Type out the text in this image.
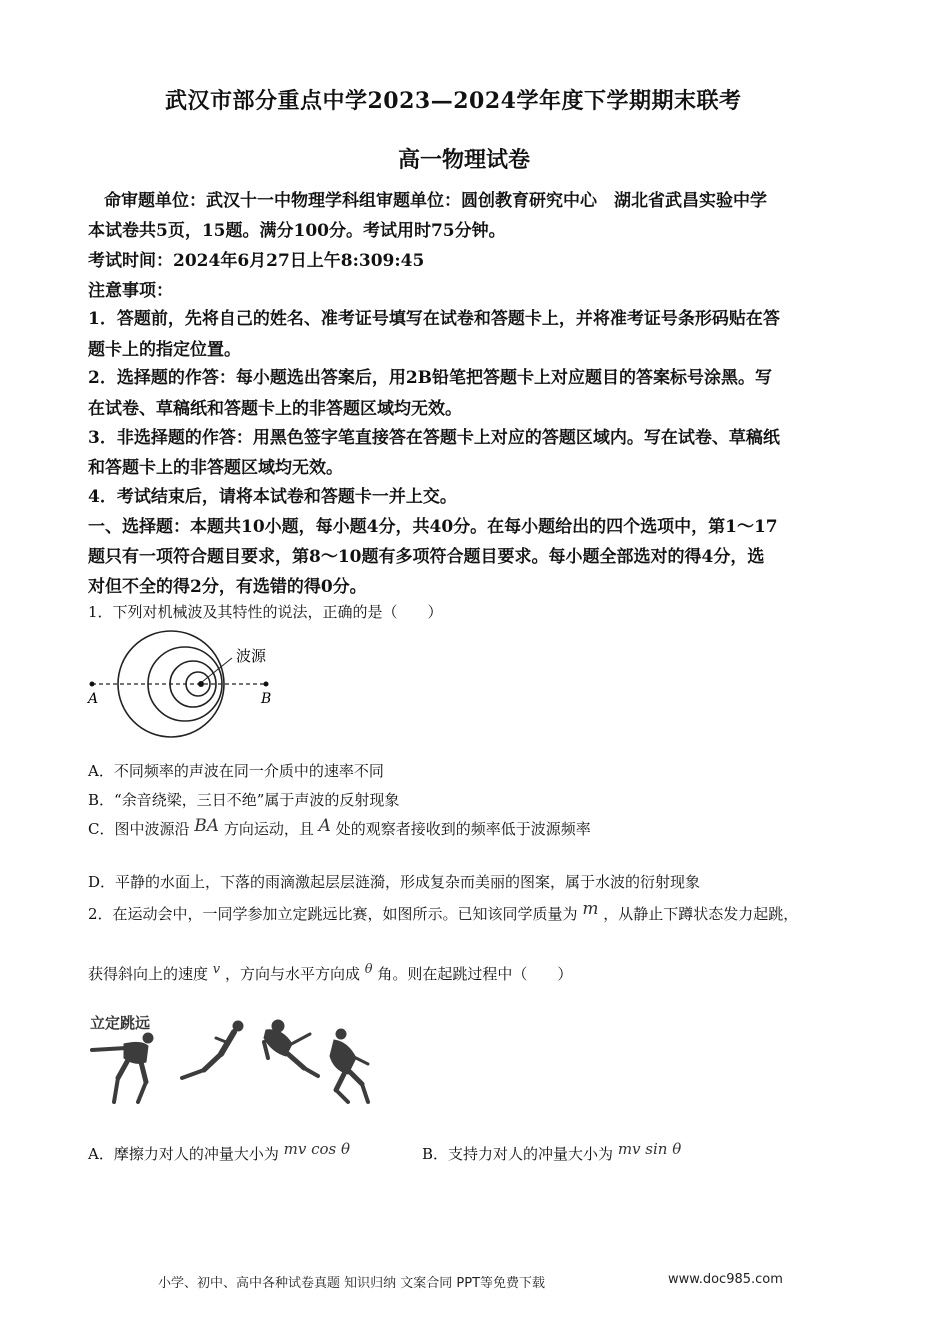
武汉市部分重点中学2023—2024学年度下学期期末联考
高一物理试卷
命审题单位：武汉十一中物理学科组审题单位：圆创教育研究中心　湖北省武昌实验中学
本试卷共5页，15题。满分100分。考试用时75分钟。
考试时间：2024年6月27日上午8:309:45
注意事项：
1．答题前，先将自己的姓名、准考证号填写在试卷和答题卡上，并将准考证号条形码贴在答
题卡上的指定位置。
2．选择题的作答：每小题选出答案后，用2B铅笔把答题卡上对应题目的答案标号涂黑。写
在试卷、草稿纸和答题卡上的非答题区域均无效。
3．非选择题的作答：用黑色签字笔直接答在答题卡上对应的答题区域内。写在试卷、草稿纸
和答题卡上的非答题区域均无效。
4．考试结束后，请将本试卷和答题卡一并上交。
一、选择题：本题共10小题，每小题4分，共40分。在每小题给出的四个选项中，第1～17
题只有一项符合题目要求，第8～10题有多项符合题目要求。每小题全部选对的得4分，选
对但不全的得2分，有选错的得0分。
1．下列对机械波及其特性的说法，正确的是（　　）
波源
A	B
A．不同频率的声波在同一介质中的速率不同
B．“余音绕梁，三日不绝”属于声波的反射现象
C．图中波源沿 BA 方向运动，且 A 处的观察者接收到的频率低于波源频率
D．平静的水面上，下落的雨滴激起层层涟漪，形成复杂而美丽的图案，属于水波的衍射现象
2．在运动会中，一同学参加立定跳远比赛，如图所示。已知该同学质量为 m ，从静止下蹲状态发力起跳，
获得斜向上的速度 v ，方向与水平方向成 θ 角。则在起跳过程中（　　）
立定跳远
A．摩擦力对人的冲量大小为 mv cos θ	B．支持力对人的冲量大小为 mv sin θ
小学、初中、高中各种试卷真题 知识归纳 文案合同 PPT等免费下载	www.doc985.com
